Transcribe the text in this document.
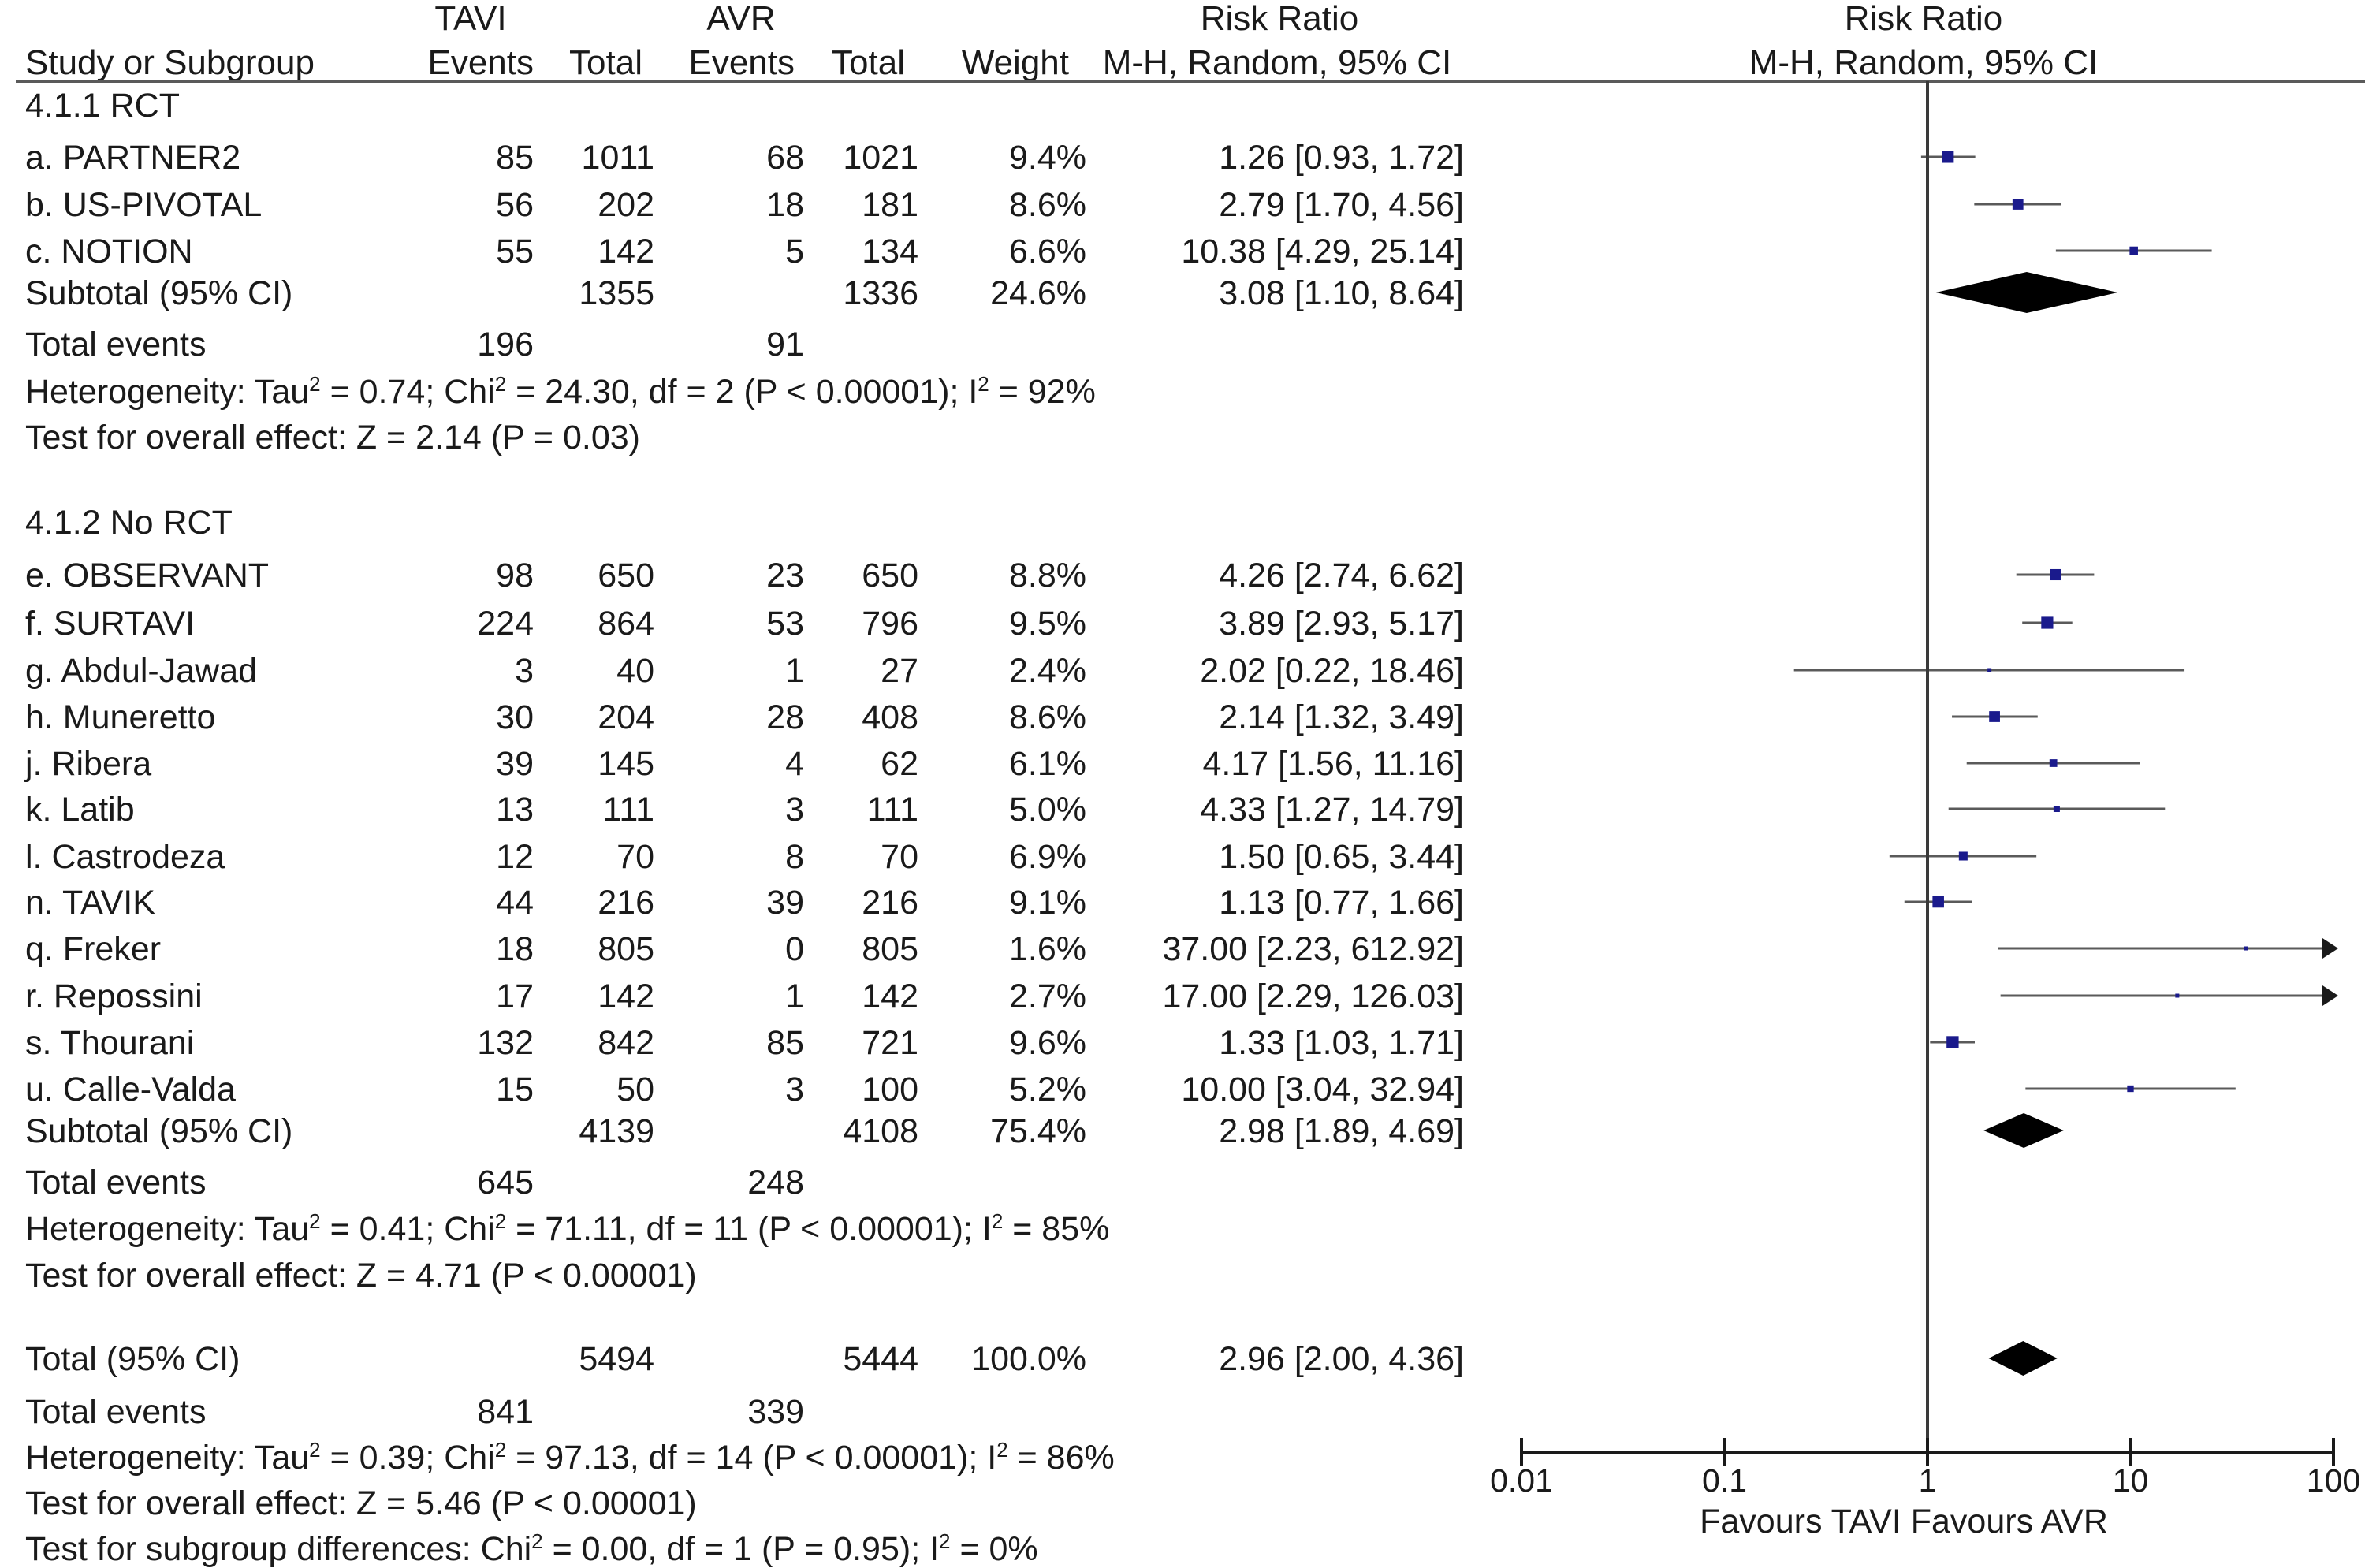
TAVI	AVR	Risk Ratio	Risk Ratio
Study or Subgroup	Events Total Events Total Weight M-H, Random, 95% CI	M-H, Random, 95% CI
4.1.1 RCT
a. PARTNER2	85 1011	68 1021	9.4%	1.26 [0.93, 1.72]
b. US-PIVOTAL	56 202	18 181	8.6%	2.79 [1.70, 4.56]
c. NOTION	55 142	5 134	6.6%	10.38 [4.29, 25.14]
Subtotal (95% CI)	1355	1336 24.6%	3.08 [1.10, 8.64]
Total events	196	91
Heterogeneity: Tau$^2$ = 0.74; Chi$^2$ = 24.30, df = 2 (P < 0.00001); $I^2 = 92\%$
Test for overall effect: Z = 2.14 (P = 0.03)
4.1.2 No RCT
e. OBSERVANT	98 650	23 650	8.8%	4.26 [2.74, 6.62]
f. SURTAVI	224 864	53 796	9.5%	3.89 [2.93, 5.17]
g. Abdul-Jawad	3 40	1 27	2.4%	2.02 [0.22, 18.46]
h. Muneretto	30 204	28 408	8.6%	2.14 [1.32, 3.49]
j. Ribera	39 145	4 62	6.1%	4.17 [1.56, 11.16]
k. Latib	13 111	3 111	5.0%	4.33 [1.27, 14.79]
l. Castrodeza	12 70	8 70	6.9%	1.50 [0.65, 3.44]
n. TAVIK	44 216	39 216	9.1%	1.13 [0.77, 1.66]
q. Freker	18 805	0 805	1.6% 37.00 [2.23, 612.92]
r. Repossini	17 142	1 142	2.7% 17.00 [2.29, 126.03]
s. Thourani	132 842	85 721	9.6%	1.33 [1.03, 1.71]
u. Calle-Valda	15 50	3 100	5.2%	10.00 [3.04, 32.94]
Subtotal (95% CI)	4139	4108 75.4%	2.98 [1.89, 4.69]
Total events	645	248
Heterogeneity: Tau$^2$ = 0.41; Chi$^2$ = 71.11, df = 11 (P < 0.00001); $I^2 = 85\%$
Test for overall effect: Z = 4.71 (P < 0.00001)
Total (95% CI)	5494	5444 100.0%	2.96 [2.00, 4.36]
Total events	841	339
Heterogeneity: Tau$^2$ = 0.39; Chi$^2$ = 97.13, df = 14 (P < 0.00001); $I^2 = 86\%$
Test for overall effect: Z = 5.46 (P < 0.00001)
Test for subgroup differences: Chi$^2$ = 0.00, df = 1 (P = 0.95); $I^2 = 0\%$
0.01	0.1	1	10	100
Favours TAVI Favours AVR
